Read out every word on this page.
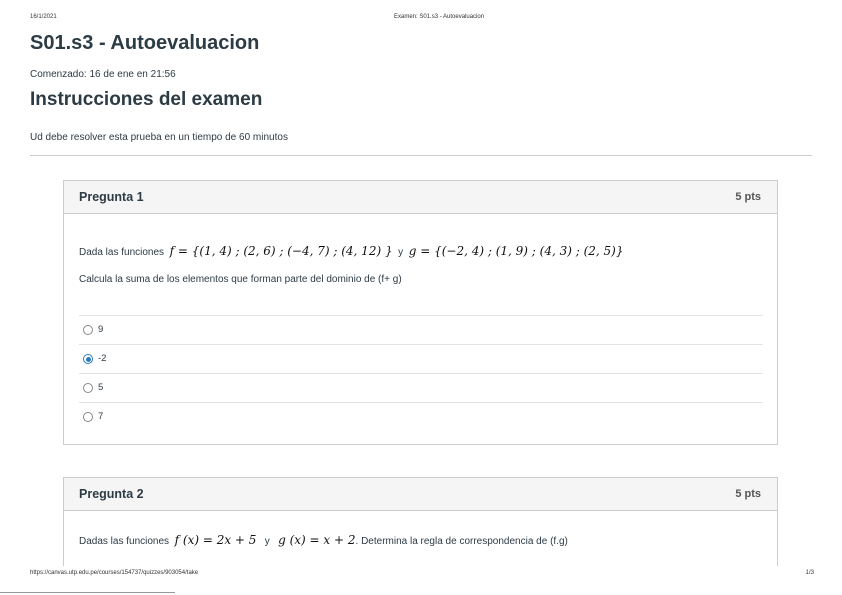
16/1/2021	Examen: S01.s3 - Autoevaluacion
S01.s3 - Autoevaluacion
Comenzado: 16 de ene en 21:56
Instrucciones del examen
Ud debe resolver esta prueba en un tiempo de 60 minutos
Pregunta 1	5 pts
Dada las funciones f = {(1, 4) ; (2, 6) ; (−4, 7) ; (4, 12) } y g = {(−2, 4) ; (1, 9) ; (4, 3) ; (2, 5)}
Calcula la suma de los elementos que forman parte del dominio de (f+ g)
9
-2
5
7
Pregunta 2	5 pts
Dadas las funciones f (x) = 2x + 5 y g (x) = x + 2. Determina la regla de correspondencia de (f.g)
https://canvas.utp.edu.pe/courses/154737/quizzes/903054/take	1/3
